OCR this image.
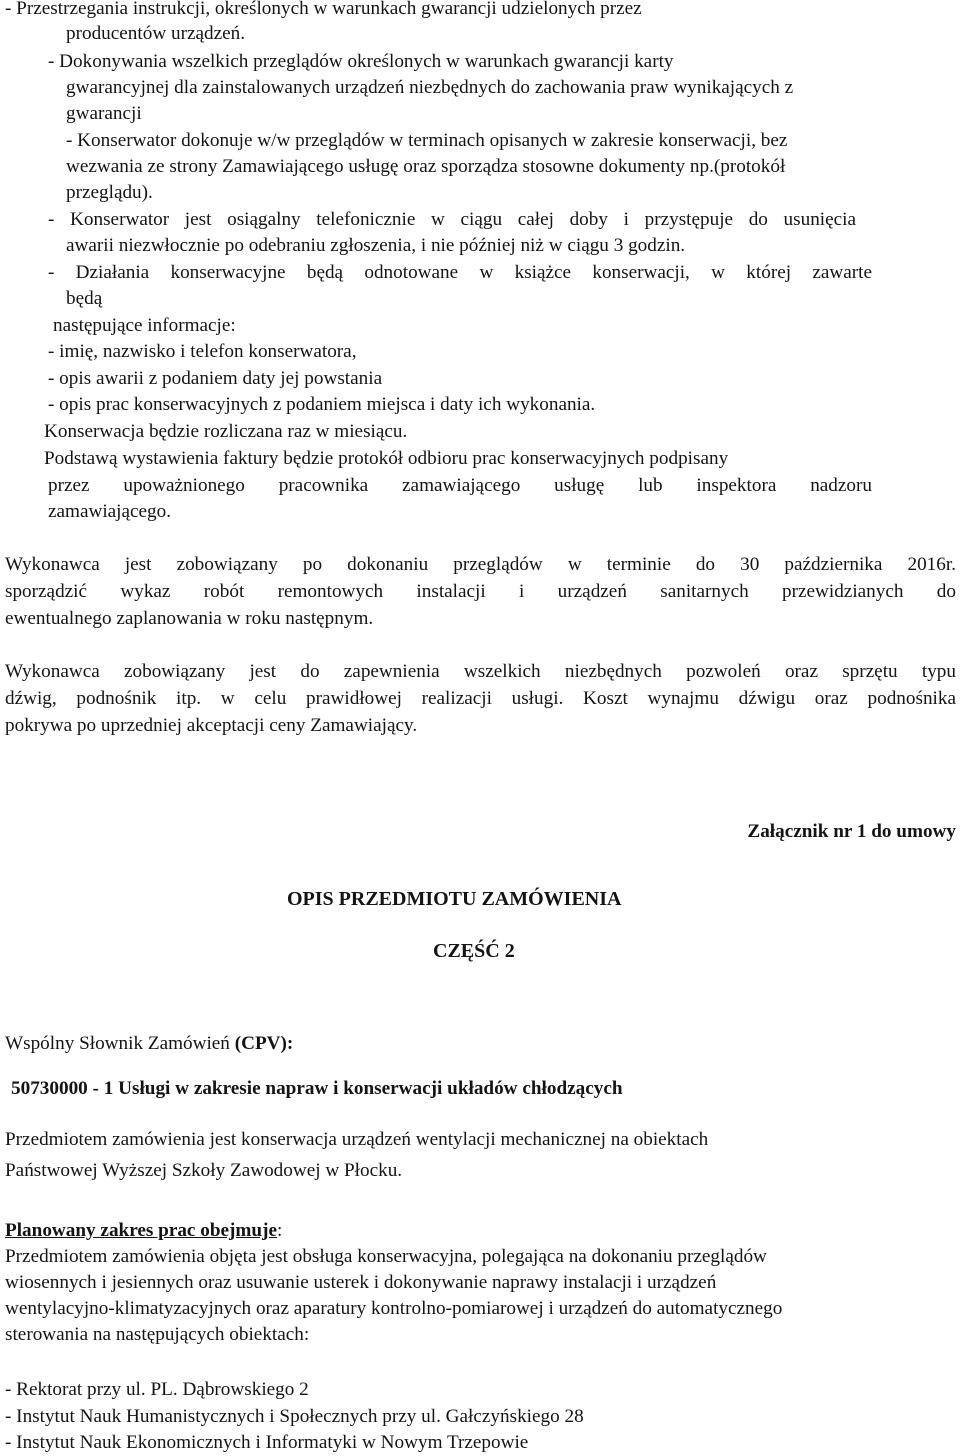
- Przestrzegania instrukcji, określonych w warunkach gwarancji udzielonych przez
producentów urządzeń.
- Dokonywania wszelkich przeglądów określonych w warunkach gwarancji karty
gwarancyjnej dla zainstalowanych urządzeń niezbędnych do zachowania praw wynikających z
gwarancji
- Konserwator dokonuje w/w przeglądów w terminach opisanych w zakresie konserwacji, bez
wezwania ze strony Zamawiającego usługę oraz sporządza stosowne dokumenty np.(protokół
przeglądu).
- Konserwator jest osiągalny telefonicznie w ciągu całej doby i przystępuje do usunięcia
awarii niezwłocznie po odebraniu zgłoszenia, i nie później niż w ciągu 3 godzin.
- Działania konserwacyjne będą odnotowane w książce konserwacji, w której zawarte
będą
następujące informacje:
- imię, nazwisko i telefon konserwatora,
- opis awarii z podaniem daty jej powstania
- opis prac konserwacyjnych z podaniem miejsca i daty ich wykonania.
Konserwacja będzie rozliczana raz w miesiącu.
Podstawą wystawienia faktury będzie protokół odbioru prac konserwacyjnych podpisany
przez upoważnionego pracownika zamawiającego usługę lub inspektora nadzoru
zamawiającego.
Wykonawca jest zobowiązany po dokonaniu przeglądów w terminie do 30 października 2016r.
sporządzić wykaz robót remontowych instalacji i urządzeń sanitarnych przewidzianych do
ewentualnego zaplanowania w roku następnym.
Wykonawca zobowiązany jest do zapewnienia wszelkich niezbędnych pozwoleń oraz sprzętu typu
dźwig, podnośnik itp. w celu prawidłowej realizacji usługi. Koszt wynajmu dźwigu oraz podnośnika
pokrywa po uprzedniej akceptacji ceny Zamawiający.
Załącznik nr 1 do umowy
OPIS PRZEDMIOTU ZAMÓWIENIA
CZĘŚĆ 2
Wspólny Słownik Zamówień (CPV):
50730000 - 1 Usługi w zakresie napraw i konserwacji układów chłodzących
Przedmiotem zamówienia jest konserwacja urządzeń wentylacji mechanicznej na obiektach
Państwowej Wyższej Szkoły Zawodowej w Płocku.
Planowany zakres prac obejmuje:
Przedmiotem zamówienia objęta jest obsługa konserwacyjna, polegająca na dokonaniu przeglądów
wiosennych i jesiennych oraz usuwanie usterek i dokonywanie naprawy instalacji i urządzeń
wentylacyjno-klimatyzacyjnych oraz aparatury kontrolno-pomiarowej i urządzeń do automatycznego
sterowania na następujących obiektach:
- Rektorat przy ul. PL. Dąbrowskiego 2
- Instytut Nauk Humanistycznych i Społecznych przy ul. Gałczyńskiego 28
- Instytut Nauk Ekonomicznych i Informatyki w Nowym Trzepowie
